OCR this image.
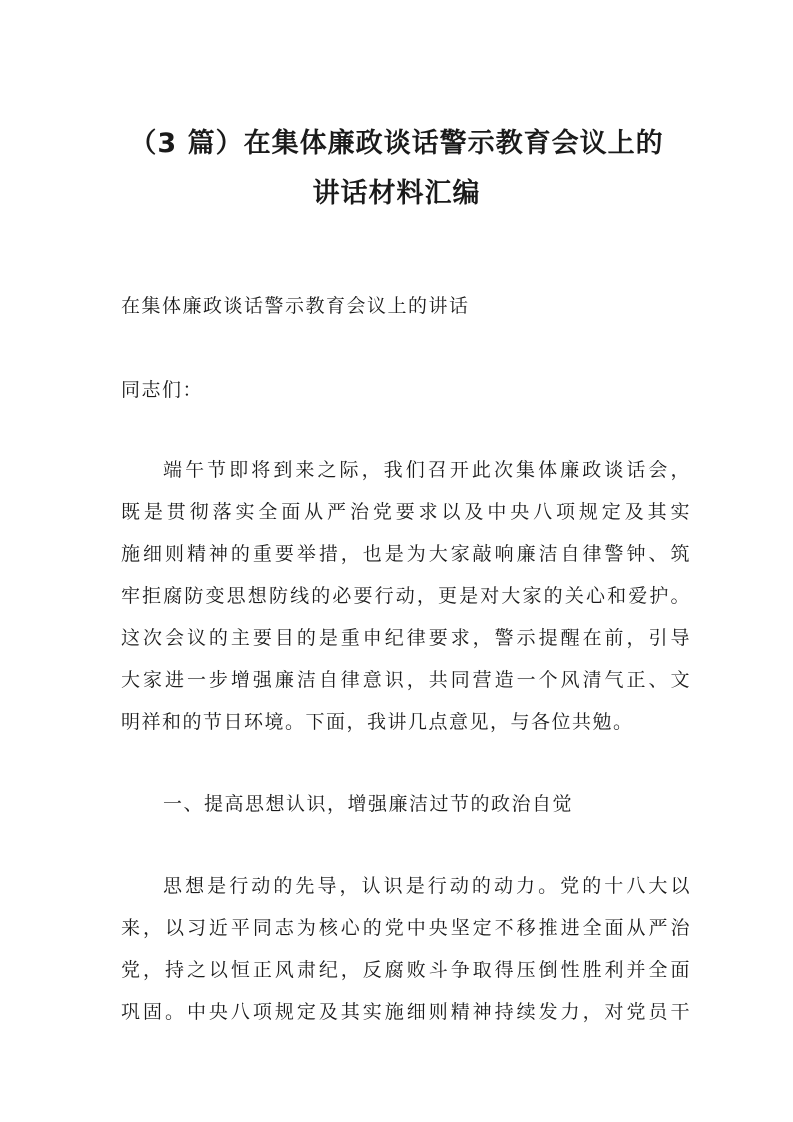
（3 篇）在集体廉政谈话警示教育会议上的
讲话材料汇编
在集体廉政谈话警示教育会议上的讲话
同志们：
端午节即将到来之际，我们召开此次集体廉政谈话会，
既是贯彻落实全面从严治党要求以及中央八项规定及其实
施细则精神的重要举措，也是为大家敲响廉洁自律警钟、筑
牢拒腐防变思想防线的必要行动，更是对大家的关心和爱护。
这次会议的主要目的是重申纪律要求，警示提醒在前，引导
大家进一步增强廉洁自律意识，共同营造一个风清气正、文
明祥和的节日环境。下面，我讲几点意见，与各位共勉。
一、提高思想认识，增强廉洁过节的政治自觉
思想是行动的先导，认识是行动的动力。党的十八大以
来，以习近平同志为核心的党中央坚定不移推进全面从严治
党，持之以恒正风肃纪，反腐败斗争取得压倒性胜利并全面
巩固。中央八项规定及其实施细则精神持续发力，对党员干
